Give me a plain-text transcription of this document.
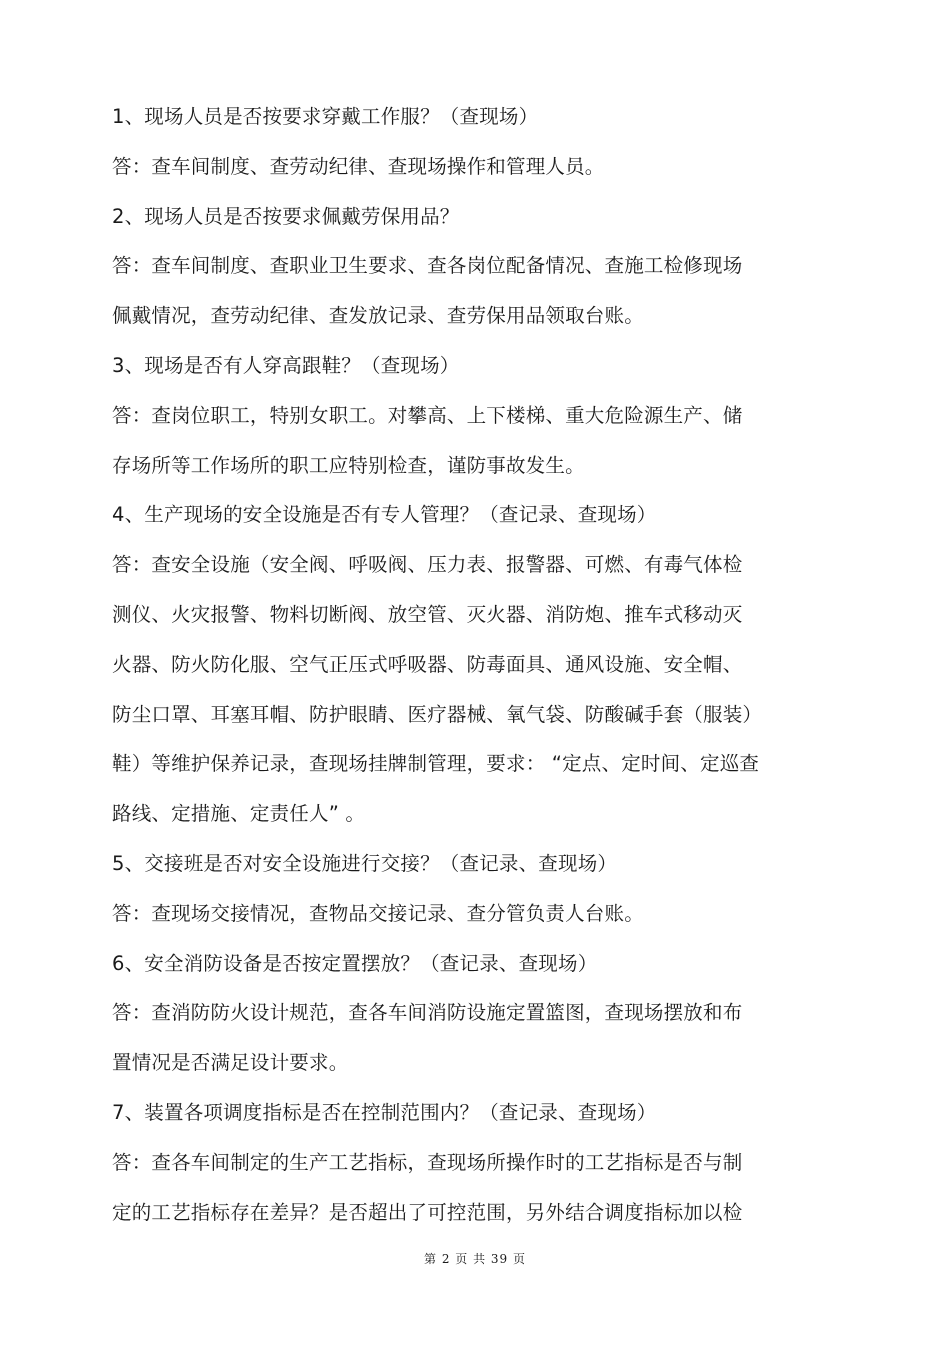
1、现场人员是否按要求穿戴工作服？（查现场）
答：查车间制度、查劳动纪律、查现场操作和管理人员。
2、现场人员是否按要求佩戴劳保用品？
答：查车间制度、查职业卫生要求、查各岗位配备情况、查施工检修现场
佩戴情况，查劳动纪律、查发放记录、查劳保用品领取台账。
3、现场是否有人穿高跟鞋？（查现场）
答：查岗位职工，特别女职工。对攀高、上下楼梯、重大危险源生产、储
存场所等工作场所的职工应特别检查，谨防事故发生。
4、生产现场的安全设施是否有专人管理？（查记录、查现场）
答：查安全设施（安全阀、呼吸阀、压力表、报警器、可燃、有毒气体检
测仪、火灾报警、物料切断阀、放空管、灭火器、消防炮、推车式移动灭
火器、防火防化服、空气正压式呼吸器、防毒面具、通风设施、安全帽、
防尘口罩、耳塞耳帽、防护眼睛、医疗器械、氧气袋、防酸碱手套（服装）
鞋）等维护保养记录，查现场挂牌制管理，要求： “定点、定时间、定巡查
路线、定措施、定责任人” 。
5、交接班是否对安全设施进行交接？（查记录、查现场）
答：查现场交接情况，查物品交接记录、查分管负责人台账。
6、安全消防设备是否按定置摆放？（查记录、查现场）
答：查消防防火设计规范，查各车间消防设施定置篮图，查现场摆放和布
置情况是否满足设计要求。
7、装置各项调度指标是否在控制范围内？（查记录、查现场）
答：查各车间制定的生产工艺指标，查现场所操作时的工艺指标是否与制
定的工艺指标存在差异？是否超出了可控范围，另外结合调度指标加以检
第 2 页 共 39 页
